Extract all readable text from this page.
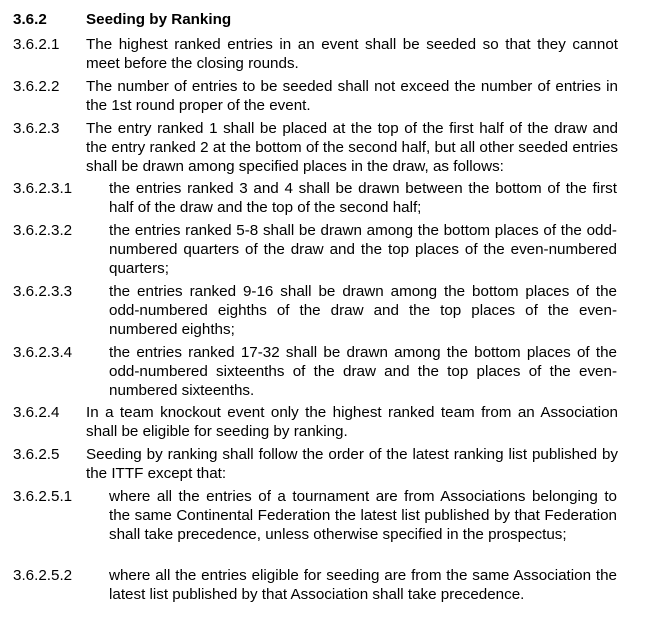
3.6.2	Seeding by Ranking
3.6.2.1 The highest ranked entries in an event shall be seeded so that they cannot meet before the closing rounds.
3.6.2.2 The number of entries to be seeded shall not exceed the number of entries in the 1st round proper of the event.
3.6.2.3 The entry ranked 1 shall be placed at the top of the first half of the draw and the entry ranked 2 at the bottom of the second half, but all other seeded entries shall be drawn among specified places in the draw, as follows:
3.6.2.3.1 the entries ranked 3 and 4 shall be drawn between the bottom of the first half of the draw and the top of the second half;
3.6.2.3.2 the entries ranked 5-8 shall be drawn among the bottom places of the odd-numbered quarters of the draw and the top places of the even-numbered quarters;
3.6.2.3.3 the entries ranked 9-16 shall be drawn among the bottom places of the odd-numbered eighths of the draw and the top places of the even-numbered eighths;
3.6.2.3.4 the entries ranked 17-32 shall be drawn among the bottom places of the odd-numbered sixteenths of the draw and the top places of the even-numbered sixteenths.
3.6.2.4 In a team knockout event only the highest ranked team from an Association shall be eligible for seeding by ranking.
3.6.2.5 Seeding by ranking shall follow the order of the latest ranking list published by the ITTF except that:
3.6.2.5.1 where all the entries of a tournament are from Associations belonging to the same Continental Federation the latest list published by that Federation shall take precedence, unless otherwise specified in the prospectus;
3.6.2.5.2 where all the entries eligible for seeding are from the same Association the latest list published by that Association shall take precedence.
